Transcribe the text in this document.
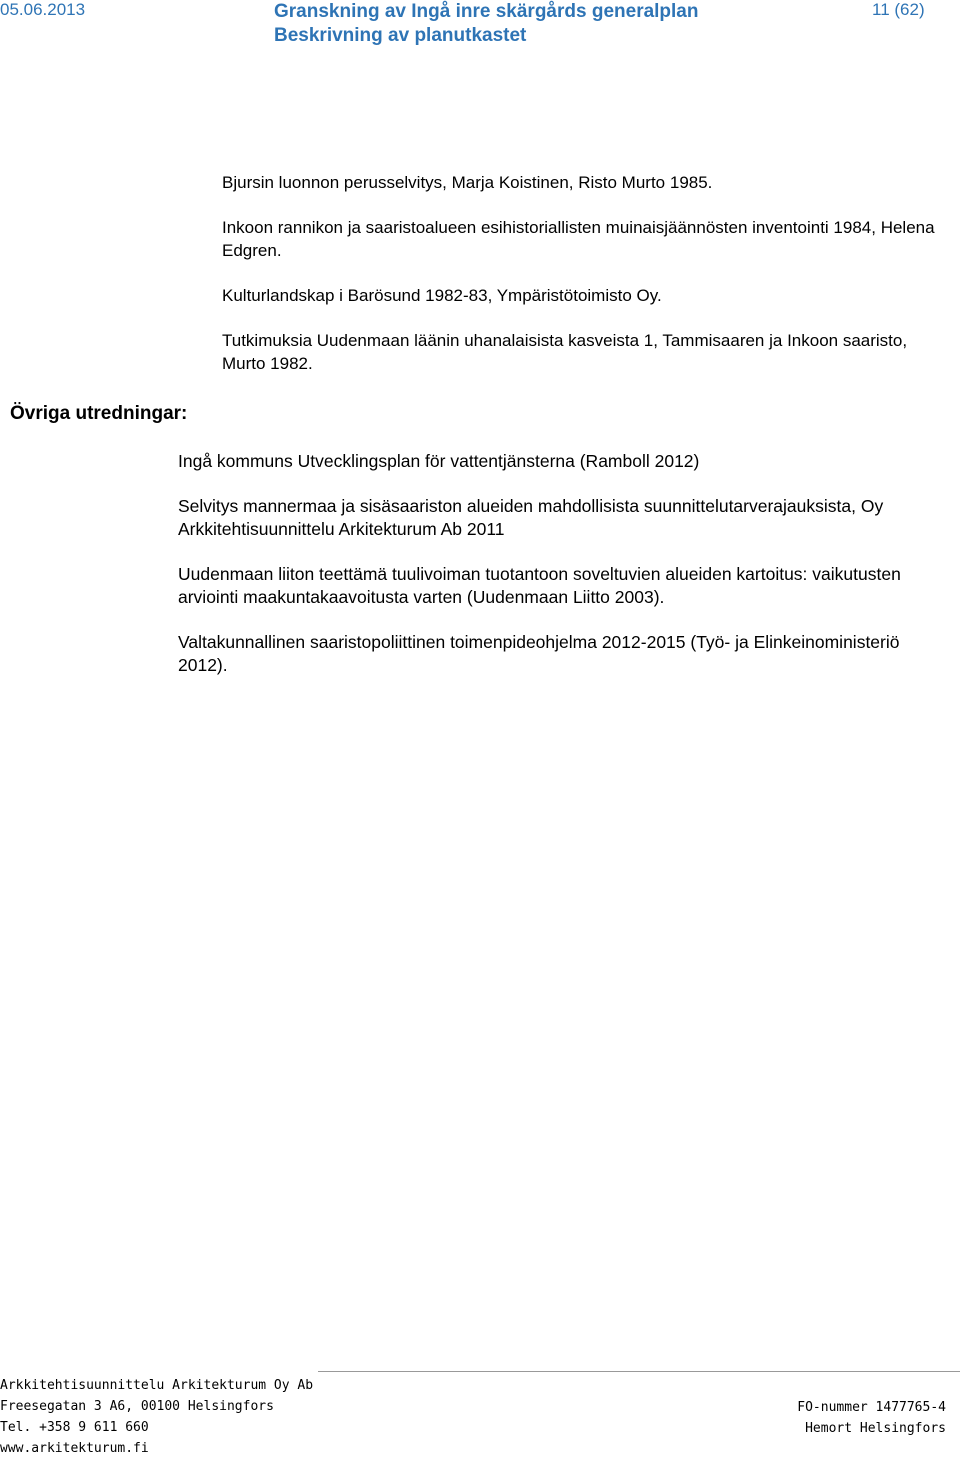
05.06.2013	Granskning av Ingå inre skärgårds generalplan
Beskrivning av planutkastet
11 (62)

Bjursin luonnon perusselvitys, Marja Koistinen, Risto Murto 1985.

Inkoon rannikon ja saaristoalueen esihistoriallisten muinaisjäännösten inventointi 1984, Helena Edgren.

Kulturlandskap i Barösund 1982-83, Ympäristötoimisto Oy.

Tutkimuksia Uudenmaan läänin uhanalaisista kasveista 1, Tammisaaren ja Inkoon saaristo, Murto 1982.

Övriga utredningar:

Ingå kommuns Utvecklingsplan för vattentjänsterna (Ramboll 2012)

Selvitys mannermaa ja sisäsaariston alueiden mahdollisista suunnittelutarverajauksista, Oy Arkkitehtisuunnittelu Arkitekturum Ab 2011

Uudenmaan liiton teettämä tuulivoiman tuotantoon soveltuvien alueiden kartoitus: vaikutusten arviointi maakuntakaavoitusta varten (Uudenmaan Liitto 2003).

Valtakunnallinen saaristopoliittinen toimenpideohjelma 2012-2015 (Työ- ja Elinkeinoministeriö 2012).

Arkkitehtisuunnittelu Arkitekturum Oy Ab
Freesegatan 3 A6, 00100 Helsingfors
Tel. +358 9 611 660
www.arkitekturum.fi
FO-nummer 1477765-4
Hemort Helsingfors
